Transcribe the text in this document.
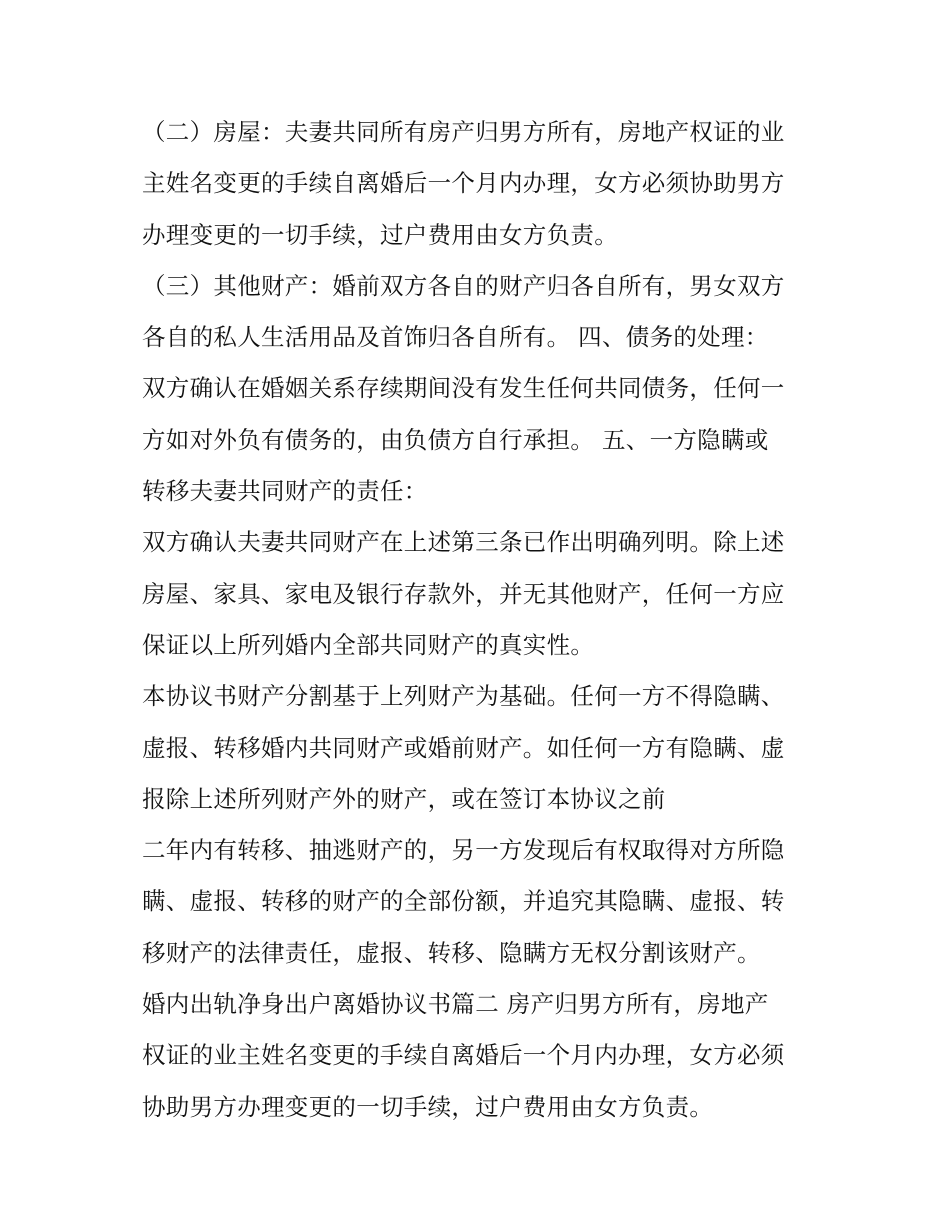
（二）房屋：夫妻共同所有房产归男方所有，房地产权证的业
主姓名变更的手续自离婚后一个月内办理，女方必须协助男方
办理变更的一切手续，过户费用由女方负责。
（三）其他财产：婚前双方各自的财产归各自所有，男女双方
各自的私人生活用品及首饰归各自所有。 四、债务的处理：
双方确认在婚姻关系存续期间没有发生任何共同债务，任何一
方如对外负有债务的，由负债方自行承担。 五、一方隐瞒或
转移夫妻共同财产的责任：
双方确认夫妻共同财产在上述第三条已作出明确列明。除上述
房屋、家具、家电及银行存款外，并无其他财产，任何一方应
保证以上所列婚内全部共同财产的真实性。
本协议书财产分割基于上列财产为基础。任何一方不得隐瞒、
虚报、转移婚内共同财产或婚前财产。如任何一方有隐瞒、虚
报除上述所列财产外的财产，或在签订本协议之前
二年内有转移、抽逃财产的，另一方发现后有权取得对方所隐
瞒、虚报、转移的财产的全部份额，并追究其隐瞒、虚报、转
移财产的法律责任，虚报、转移、隐瞒方无权分割该财产。
婚内出轨净身出户离婚协议书篇二 房产归男方所有，房地产
权证的业主姓名变更的手续自离婚后一个月内办理，女方必须
协助男方办理变更的一切手续，过户费用由女方负责。
